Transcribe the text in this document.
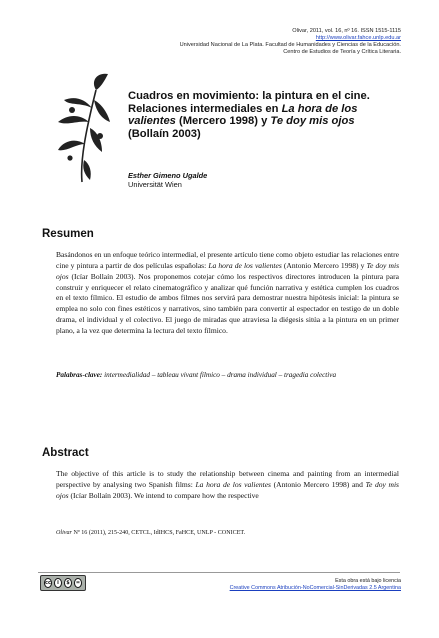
Olivar, 2011, vol. 16, nº 16. ISSN 1515-1115
http://www.olivar.fahce.unlp.edu.ar
Universidad Nacional de La Plata. Facultad de Humanidades y Ciencias de la Educación.
Centro de Estudios de Teoría y Crítica Literaria.
Cuadros en movimiento: la pintura en el cine. Relaciones intermediales en La hora de los valientes (Mercero 1998) y Te doy mis ojos (Bollaín 2003)
Esther Gimeno Ugalde
Universität Wien
Resumen
Basándonos en un enfoque teórico intermedial, el presente artículo tiene como objeto estudiar las relaciones entre cine y pintura a partir de dos películas españolas: La hora de los valientes (Antonio Mercero 1998) y Te doy mis ojos (Icíar Bollaín 2003). Nos proponemos cotejar cómo los respectivos directores introducen la pintura para construir y enriquecer el relato cinematográfico y analizar qué función narrativa y estética cumplen los cuadros en el texto fílmico. El estudio de ambos filmes nos servirá para demostrar nuestra hipótesis inicial: la pintura se emplea no solo con fines estéticos y narrativos, sino también para convertir al espectador en testigo de un doble drama, el individual y el colectivo. El juego de miradas que atraviesa la diégesis sitúa a la pintura en un primer plano, a la vez que determina la lectura del texto fílmico.
Palabras-clave: intermedialidad – tableau vivant fílmico – drama individual – tragedia colectiva
Abstract
The objective of this article is to study the relationship between cinema and painting from an intermedial perspective by analysing two Spanish films: La hora de los valientes (Antonio Mercero 1998) and Te doy mis ojos (Icíar Bollaín 2003). We intend to compare how the respective
Olivar Nº 16 (2011), 215-240, CETCL, IdIHCS, FaHCE, UNLP - CONICET.
cc	i	$	=	Esta obra está bajo licencia
Creative Commons Atribución-NoComercial-SinDerivadas 2.5 Argentina
